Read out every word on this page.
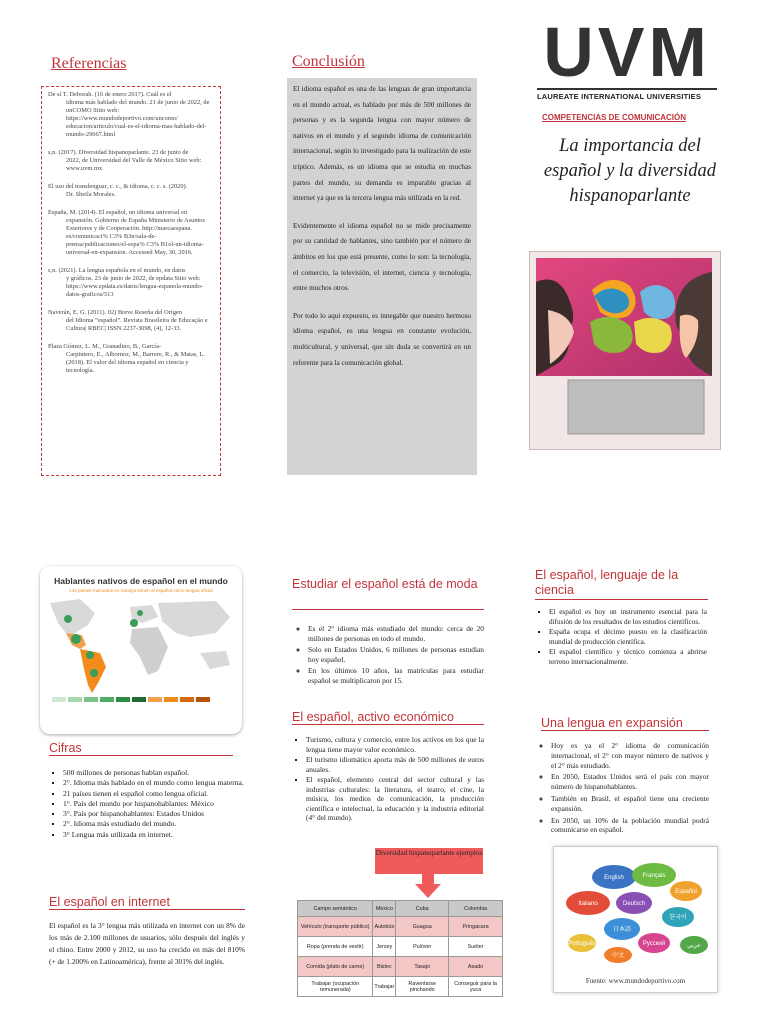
Referencias
De sí T. Deborah. (16 de enero 2017). Cuál es el
idioma más hablado del mundo. 21 de junio de 2022, de unCOMO Sitio web: https://www.mundodeportivo.com/uncomo/ educacion/articulo/cual-es-el-idioma-mas-hablado-del-mundo-29667.html
s,n. (2017). Diversidad hispanoparlante. 23 de junio de
2022, de Universidad del Valle de México Sitio web: www.uvm.mx
El uso del translenguar, c. c., & idioma, c. c. s. (2020).
Dr. Sheila Morales.
España, M. (2014). El español, un idioma universal en
expansión. Gobierno de España Ministerio de Asuntos Exteriores y de Cooperación. http://marcaespana. es/comunicaci% C3% B3n/sala-de-prensa/publicaciones/el-espa% C3% B1ol-un-idioma-universal-en-expansion. Accessed May, 30, 2016.
s,n. (2021). La lengua española en el mundo, en datos
y gráficos. 23 de junio de 2022, de epdata Sitio web: https://www.epdata.es/datos/lengua-espanola-mundo-datos-graficos/513
Naverán, E. G. (2011). 02) Breve Reseña del Origen
del Idioma “español”. Revista Brasileira de Educação e Cultura| RBEC| ISSN 2237-3098, (4), 12-33.
Plaza Gómez, L. M., Granadino, B., García-
Carpintero, E., Albornoz, M., Barrere, R., & Matas, L. (2018). El valor del idioma español en ciencia y tecnología.
Conclusión

El idioma español es una de las lenguas de gran importancia en el mundo actual, es hablado por más de 500 millones de personas y es la segunda lengua con mayor número de nativos en el mundo y el segundo idioma de comunicación internacional, según lo investigado para la realización de este tríptico. Además, es un idioma que se estudia en muchas partes del mundo, su demanda es imparable gracias al internet ya que es la tercera lengua más utilizada en la red.

Evidentemente el idioma español no se mide precisamente por su cantidad de hablantes, sino también por el número de ámbitos en los que está presente, como lo son: la tecnología, el comercio, la televisión, el internet, ciencia y tecnología, entre muchos otros.

Por todo lo aquí expuesto, es innegable que nuestro hermoso idioma español, es una lengua en constante evolución, multicultural, y universal, que sin duda se convertirá en un referente para la comunicación global.

UVM
LAUREATE INTERNATIONAL UNIVERSITIES
COMPETENCIAS DE COMUNICACIÓN
La importancia del español y la diversidad hispanoparlante
Hablantes nativos de español en el mundo
Los países marcados en naranja tienen al español como lengua oficial
Cifras
▪ 500 millones de personas hablan español.
▪ 2°. Idioma más hablado en el mundo como lengua materna.
▪ 21 países tienen el español como lengua oficial.
▪ 1°. País del mundo por hispanohablantes: México
▪ 3°. País por hispanohablantes: Estados Unidos
▪ 2°. Idioma más estudiado del mundo.
▪ 3° Lengua más utilizada en internet.
El español en internet
El español es la 3° lengua más utilizada en internet con un 8% de los más de 2.100 millones de usuarios, sólo después del inglés y el chino. Entre 2000 y 2012, su uso ha crecido en más del 810% (+ de 1.200% en Latinoamérica), frente al 301% del inglés.
Estudiar el español está de moda
◦ Es el 2° idioma más estudiado del mundo: cerca de 20 millones de personas en todo el mundo.
◦ Solo en Estados Unidos, 6 millones de personas estudian hoy español.
◦ En los últimos 10 años, las matrículas para estudiar español se multiplicaron por 15.
El español, activo económico
▪ Turismo, cultura y comercio, entre los activos en los que la lengua tiene mayor valor económico.
▪ El turismo idiomático aporta más de 500 millones de euros anuales.
▪ El español, elemento central del sector cultural y las industrias culturales: la literatura, el teatro, el cine, la música, los medios de comunicación, la producción científica e intelectual, la educación y la industria editorial (4° del mundo).
Diversidad hispanoparlante ejemplos
Campo semántico	México	Cuba	Colombia
Vehículo (transporte público)	Autobús	Guagua	Pringacara
Ropa (prenda de vestir)	Jersey	Pulóver	Suéter
Comida (plato de carne)	Bistec	Tasajo	Asado
Trabajar (ocupación remunerada)	Trabajar	Raventarse pinchando	Conseguir para la yuca
El español, lenguaje de la ciencia
▪ El español es hoy un instrumento esencial para la difusión de los resultados de los estudios científicos.
▪ España ocupa el décimo puesto en la clasificación mundial de producción científica.
▪ El español científico y técnico comienza a abrirse terreno internacionalmente.
Una lengua en expansión
◦ Hoy es ya el 2° idioma de comunicación internacional, el 2° con mayor número de nativos y el 2° más estudiado.
◦ En 2050, Estados Unidos será el país con mayor número de hispanohablantes.
◦ También en Brasil, el español tiene una creciente expansión.
◦ En 2050, un 10% de la población mundial podrá comunicarse en español.
English	Français
Español
Italiano	Deutsch
한국어
日本語
Português	Русский	عربي
中文
Fuente: www.mundodeportivo.com
